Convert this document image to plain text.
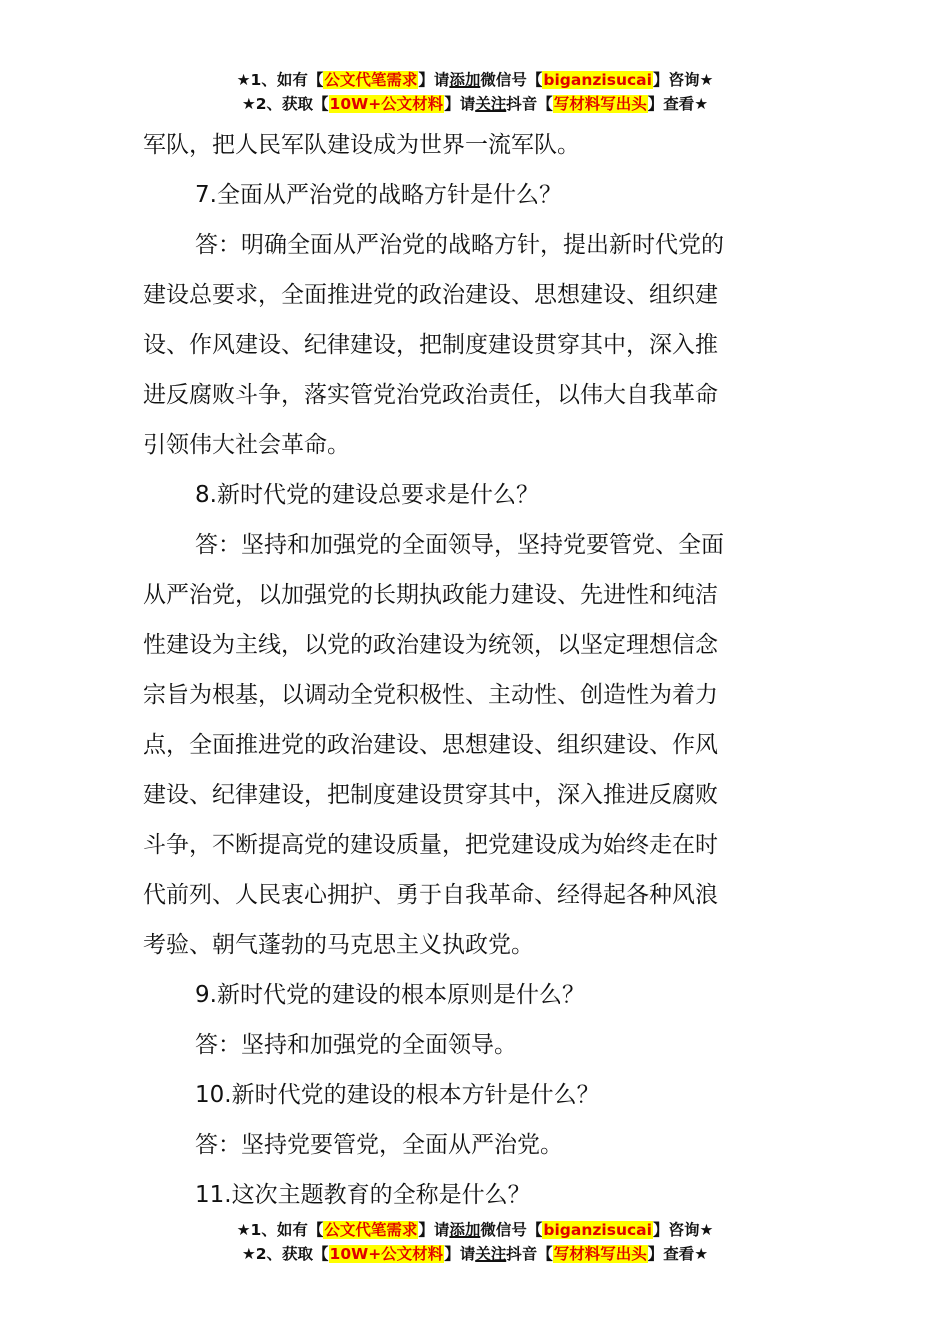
★1、如有【公文代笔需求】请添加微信号【biganzisucai】咨询★
★2、获取【10W+公文材料】请关注抖音【写材料写出头】查看★
军队，把人民军队建设成为世界一流军队。
7.全面从严治党的战略方针是什么？
答：明确全面从严治党的战略方针，提出新时代党的
建设总要求，全面推进党的政治建设、思想建设、组织建
设、作风建设、纪律建设，把制度建设贯穿其中，深入推
进反腐败斗争，落实管党治党政治责任，以伟大自我革命
引领伟大社会革命。
8.新时代党的建设总要求是什么？
答：坚持和加强党的全面领导，坚持党要管党、全面
从严治党，以加强党的长期执政能力建设、先进性和纯洁
性建设为主线，以党的政治建设为统领，以坚定理想信念
宗旨为根基，以调动全党积极性、主动性、创造性为着力
点，全面推进党的政治建设、思想建设、组织建设、作风
建设、纪律建设，把制度建设贯穿其中，深入推进反腐败
斗争，不断提高党的建设质量，把党建设成为始终走在时
代前列、人民衷心拥护、勇于自我革命、经得起各种风浪
考验、朝气蓬勃的马克思主义执政党。
9.新时代党的建设的根本原则是什么？
答：坚持和加强党的全面领导。
10.新时代党的建设的根本方针是什么？
答：坚持党要管党，全面从严治党。
11.这次主题教育的全称是什么？
★1、如有【公文代笔需求】请添加微信号【biganzisucai】咨询★
★2、获取【10W+公文材料】请关注抖音【写材料写出头】查看★
